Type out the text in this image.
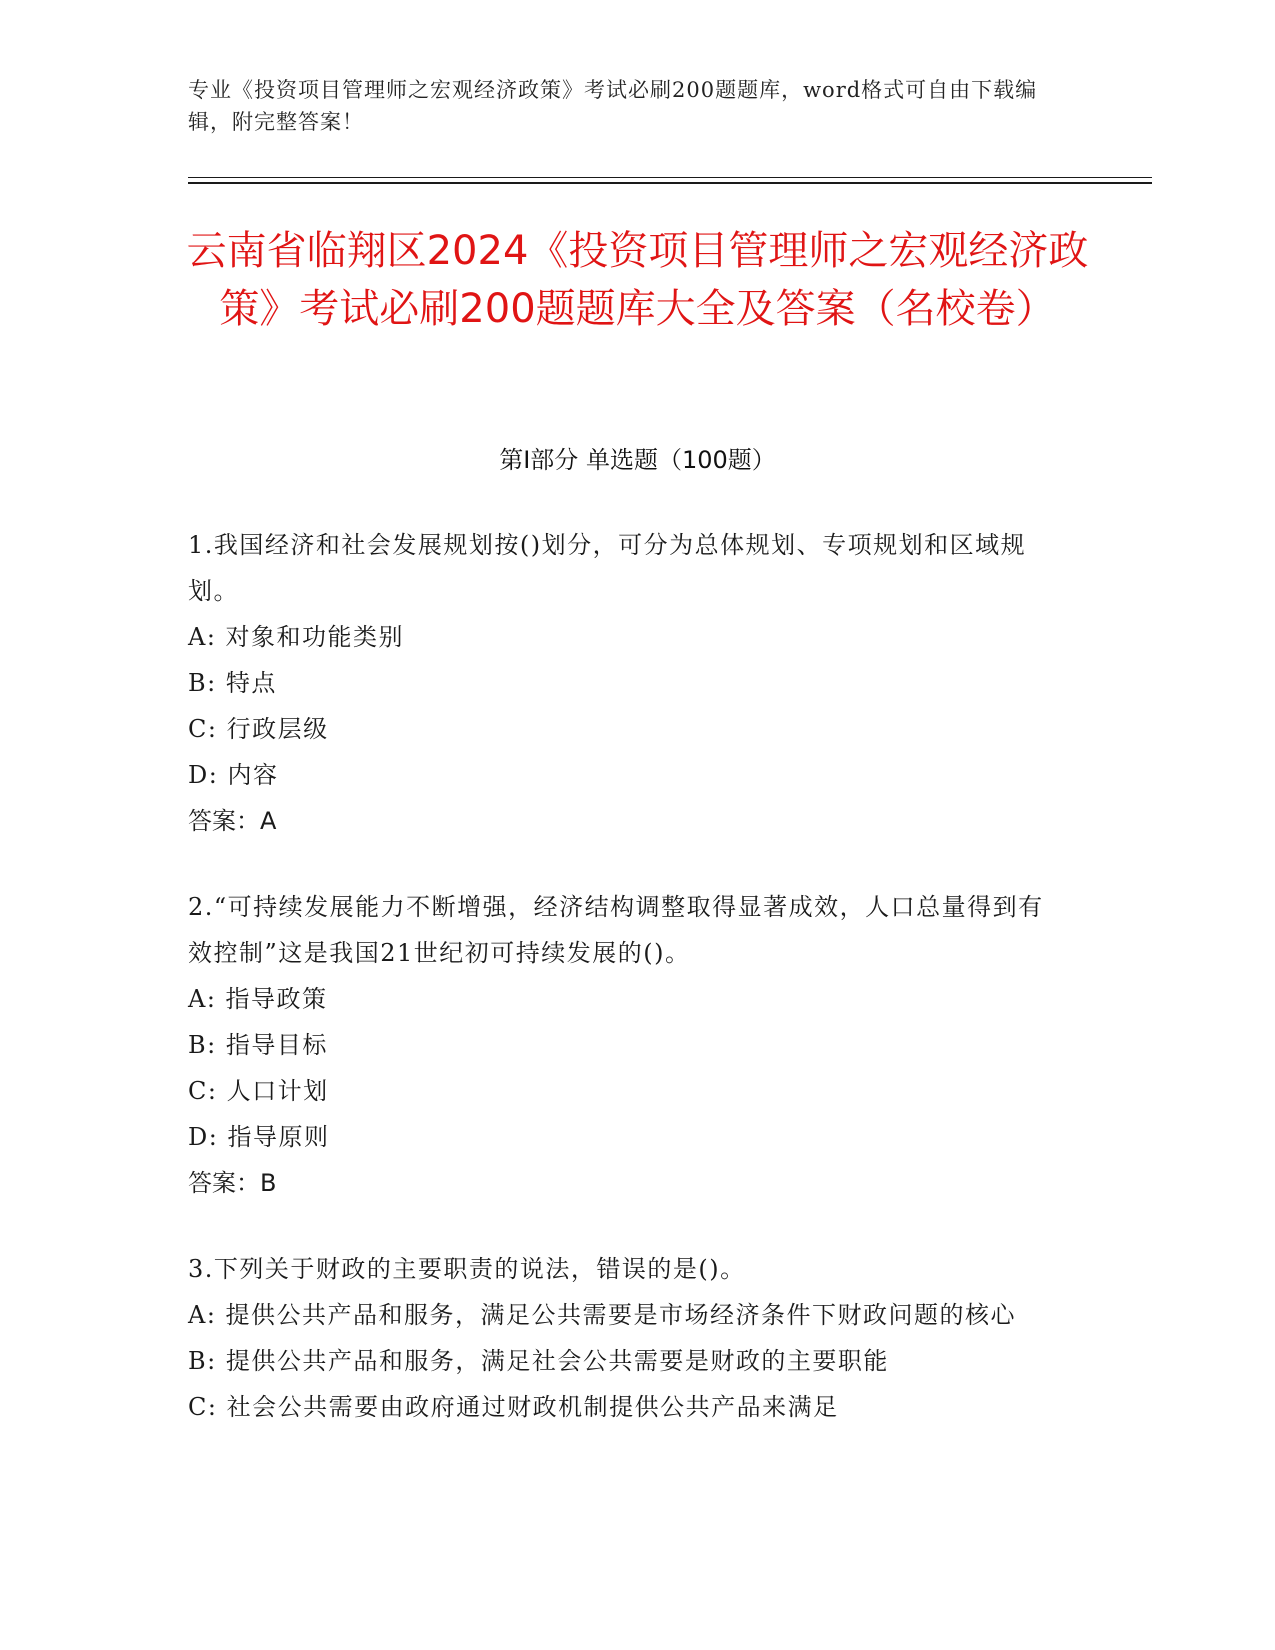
专业《投资项目管理师之宏观经济政策》考试必刷200题题库，word格式可自由下载编辑，附完整答案！
云南省临翔区2024《投资项目管理师之宏观经济政策》考试必刷200题题库大全及答案（名校卷）
第I部分 单选题（100题）
1.我国经济和社会发展规划按()划分，可分为总体规划、专项规划和区域规划。
A: 对象和功能类别
B: 特点
C: 行政层级
D: 内容
答案：A
2.“可持续发展能力不断增强，经济结构调整取得显著成效，人口总量得到有效控制”这是我国21世纪初可持续发展的()。
A: 指导政策
B: 指导目标
C: 人口计划
D: 指导原则
答案：B
3.下列关于财政的主要职责的说法，错误的是()。
A: 提供公共产品和服务，满足公共需要是市场经济条件下财政问题的核心
B: 提供公共产品和服务，满足社会公共需要是财政的主要职能
C: 社会公共需要由政府通过财政机制提供公共产品来满足
